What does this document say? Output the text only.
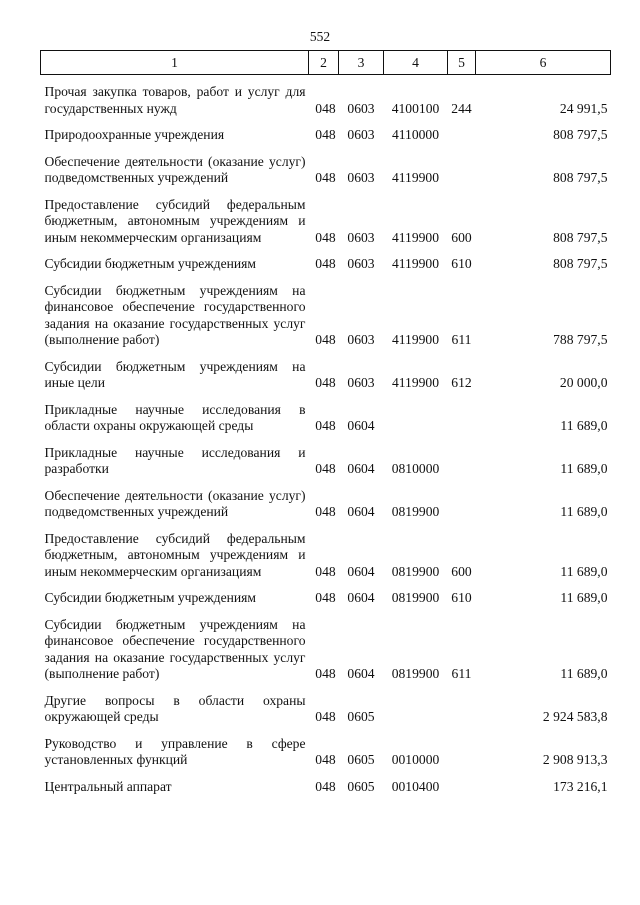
552
1	2	3	4	5	6
Прочая закупка товаров, работ и услуг для государственных нужд	048	0603	4100100	244	24 991,5
Природоохранные учреждения	048	0603	4110000		808 797,5
Обеспечение деятельности (оказание услуг) подведомственных учреждений	048	0603	4119900		808 797,5
Предоставление субсидий федеральным бюджетным, автономным учреждениям и иным некоммерческим организациям	048	0603	4119900	600	808 797,5
Субсидии бюджетным учреждениям	048	0603	4119900	610	808 797,5
Субсидии бюджетным учреждениям на финансовое обеспечение государственного задания на оказание государственных услуг (выполнение работ)	048	0603	4119900	611	788 797,5
Субсидии бюджетным учреждениям на иные цели	048	0603	4119900	612	20 000,0
Прикладные научные исследования в области охраны окружающей среды	048	0604			11 689,0
Прикладные научные исследования и разработки	048	0604	0810000		11 689,0
Обеспечение деятельности (оказание услуг) подведомственных учреждений	048	0604	0819900		11 689,0
Предоставление субсидий федеральным бюджетным, автономным учреждениям и иным некоммерческим организациям	048	0604	0819900	600	11 689,0
Субсидии бюджетным учреждениям	048	0604	0819900	610	11 689,0
Субсидии бюджетным учреждениям на финансовое обеспечение государственного задания на оказание государственных услуг (выполнение работ)	048	0604	0819900	611	11 689,0
Другие вопросы в области охраны окружающей среды	048	0605			2 924 583,8
Руководство и управление в сфере установленных функций	048	0605	0010000		2 908 913,3
Центральный аппарат	048	0605	0010400		173 216,1
